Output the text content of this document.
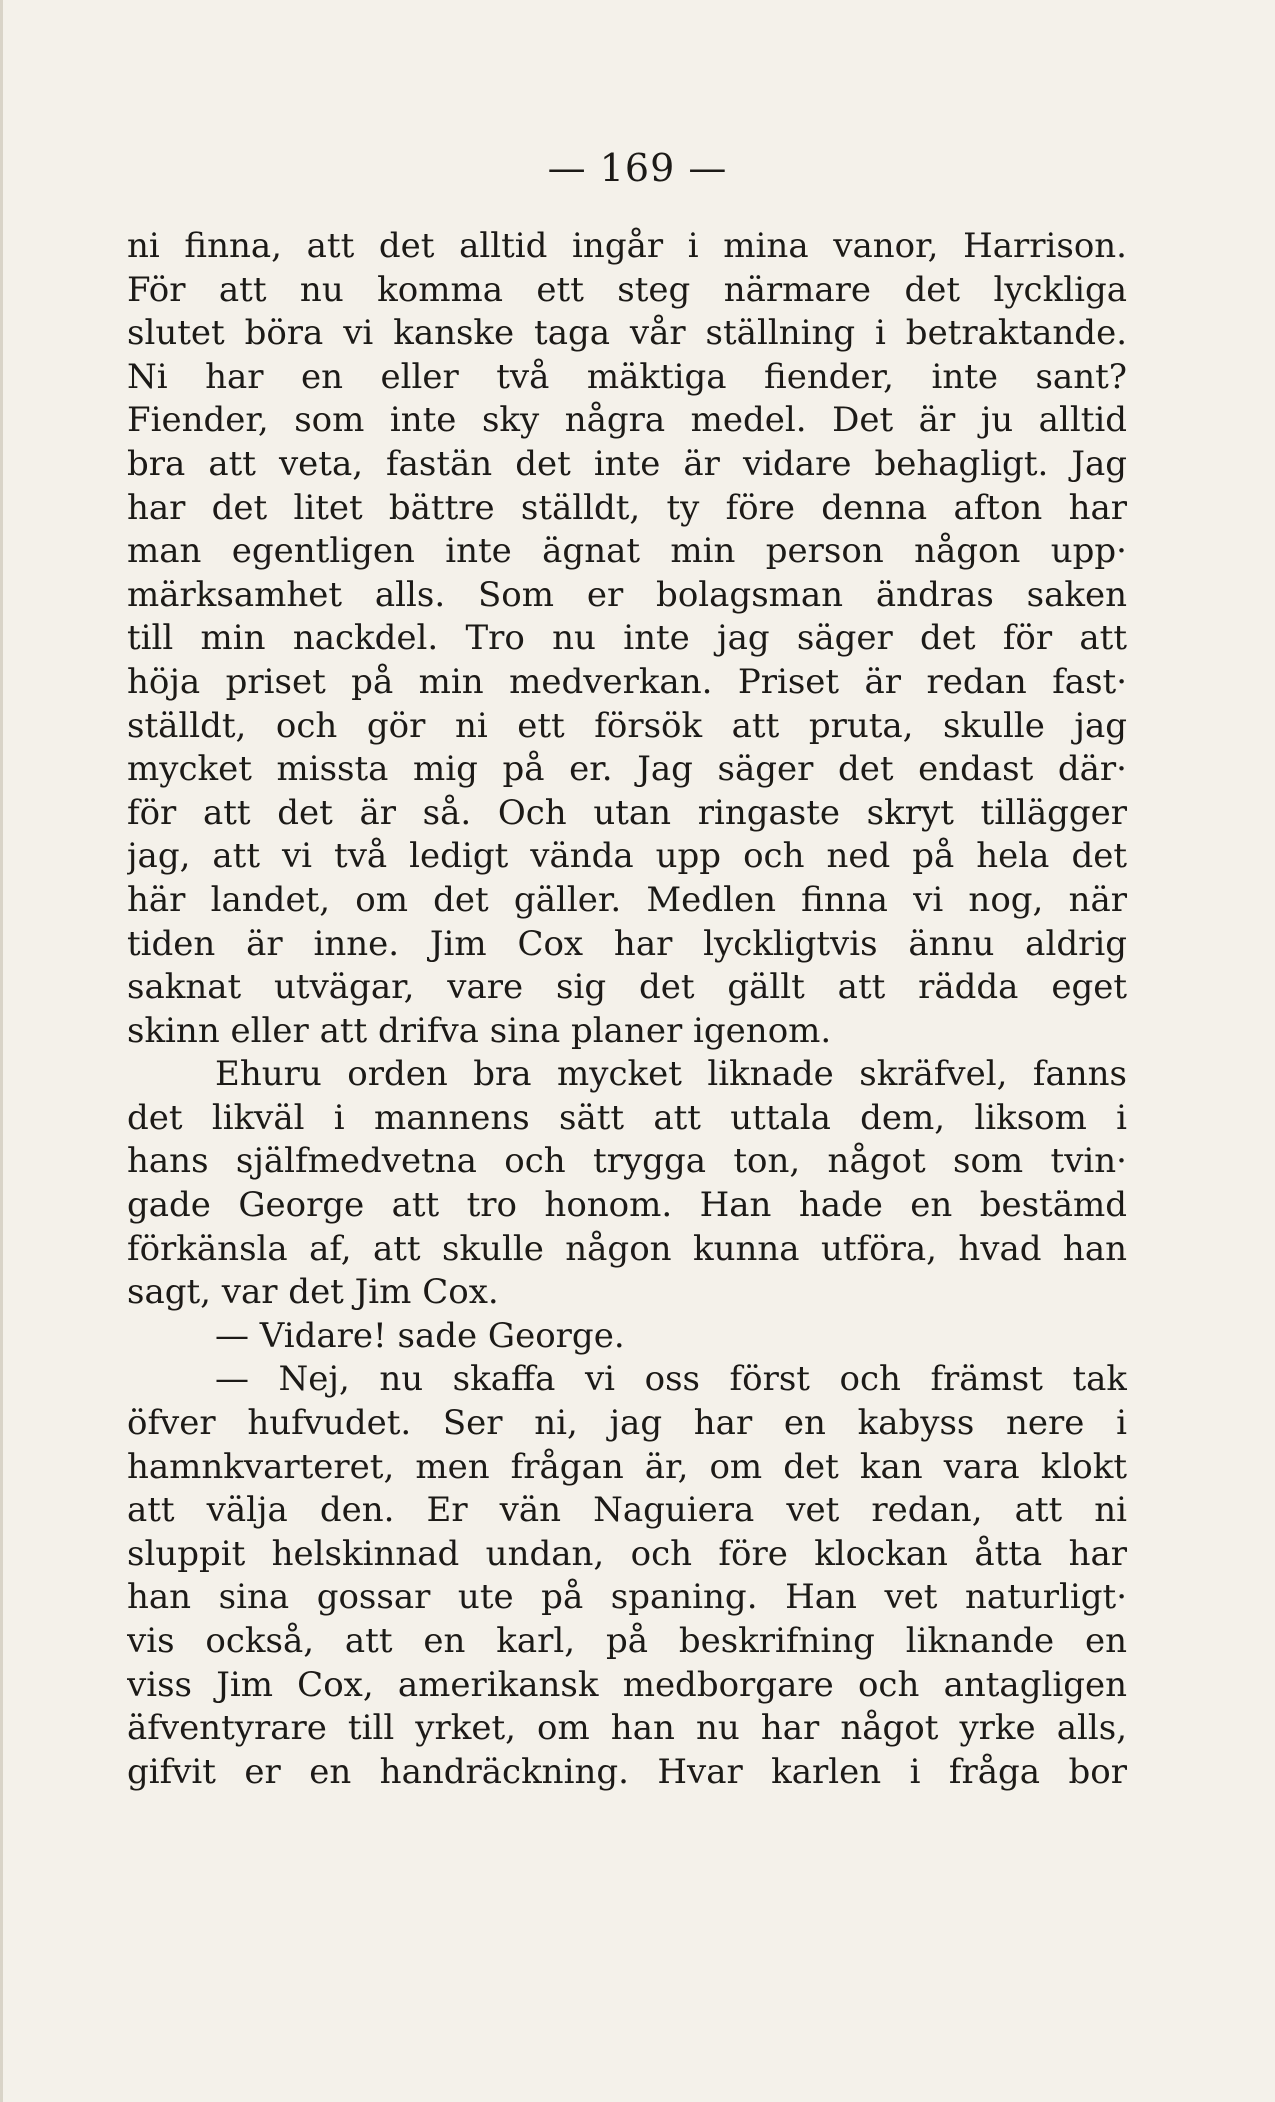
— 169 —
ni finna, att det alltid ingår i mina vanor, Harrison.
För att nu komma ett steg närmare det lyckliga
slutet böra vi kanske taga vår ställning i betraktande.
Ni har en eller två mäktiga fiender, inte sant?
Fiender, som inte sky några medel. Det är ju alltid
bra att veta, fastän det inte är vidare behagligt. Jag
har det litet bättre ställdt, ty före denna afton har
man egentligen inte ägnat min person någon upp·
märksamhet alls. Som er bolagsman ändras saken
till min nackdel. Tro nu inte jag säger det för att
höja priset på min medverkan. Priset är redan fast·
ställdt, och gör ni ett försök att pruta, skulle jag
mycket missta mig på er. Jag säger det endast där·
för att det är så. Och utan ringaste skryt tillägger
jag, att vi två ledigt vända upp och ned på hela det
här landet, om det gäller. Medlen finna vi nog, när
tiden är inne. Jim Cox har lyckligtvis ännu aldrig
saknat utvägar, vare sig det gällt att rädda eget
skinn eller att drifva sina planer igenom.
Ehuru orden bra mycket liknade skräfvel, fanns
det likväl i mannens sätt att uttala dem, liksom i
hans själfmedvetna och trygga ton, något som tvin·
gade George att tro honom. Han hade en bestämd
förkänsla af, att skulle någon kunna utföra, hvad han
sagt, var det Jim Cox.
— Vidare! sade George.
— Nej, nu skaffa vi oss först och främst tak
öfver hufvudet. Ser ni, jag har en kabyss nere i
hamnkvarteret, men frågan är, om det kan vara klokt
att välja den. Er vän Naguiera vet redan, att ni
sluppit helskinnad undan, och före klockan åtta har
han sina gossar ute på spaning. Han vet naturligt·
vis också, att en karl, på beskrifning liknande en
viss Jim Cox, amerikansk medborgare och antagligen
äfventyrare till yrket, om han nu har något yrke alls,
gifvit er en handräckning. Hvar karlen i fråga bor
